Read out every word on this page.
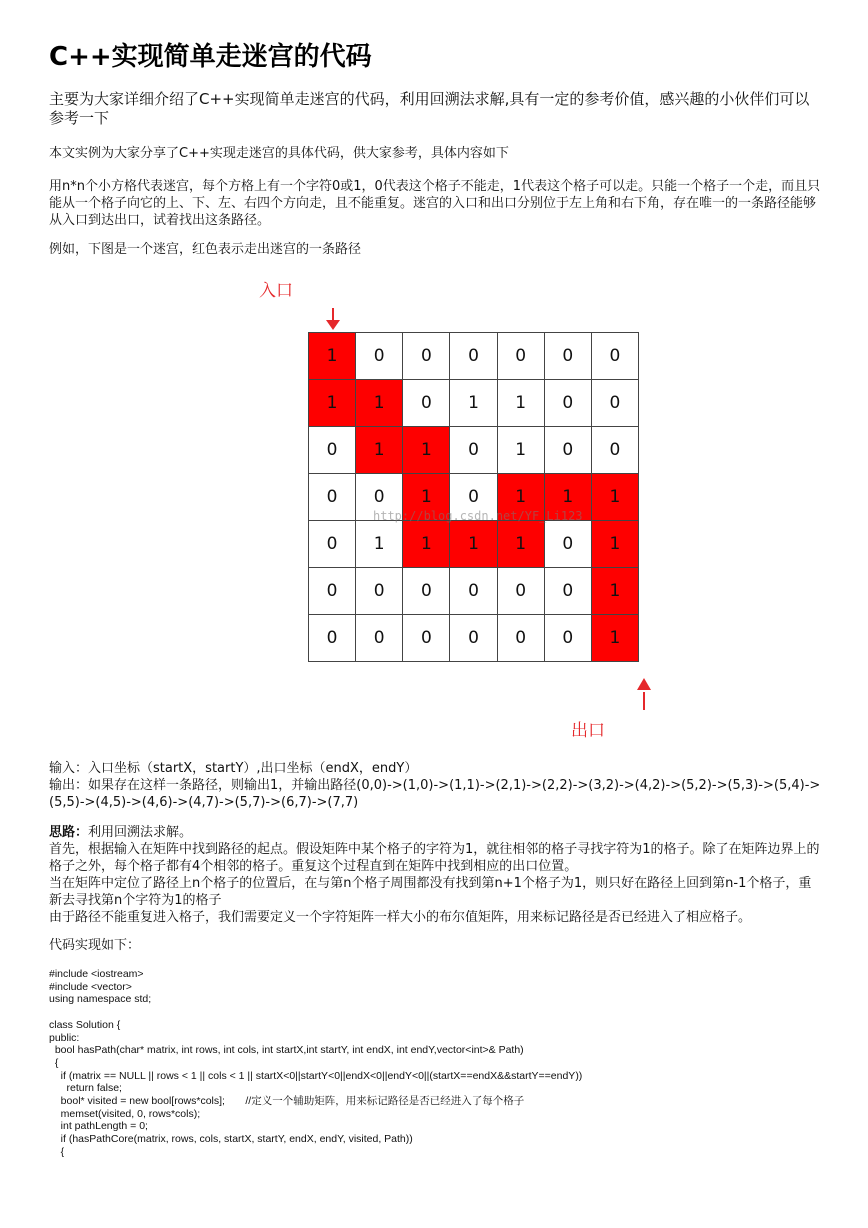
C++实现简单走迷宫的代码

主要为大家详细介绍了C++实现简单走迷宫的代码，利用回溯法求解,具有一定的参考价值，感兴趣的小伙伴们可以参考一下

本文实例为大家分享了C++实现走迷宫的具体代码，供大家参考，具体内容如下

用n*n个小方格代表迷宫，每个方格上有一个字符0或1，0代表这个格子不能走，1代表这个格子可以走。只能一个格子一个走，而且只能从一个格子向它的上、下、左、右四个方向走，且不能重复。迷宫的入口和出口分别位于左上角和右下角，存在唯一的一条路径能够从入口到达出口，试着找出这条路径。

例如，下图是一个迷宫，红色表示走出迷宫的一条路径

入口
1	0	0	0	0	0	0
1	1	0	1	1	0	0
0	1	1	0	1	0	0
0	0	1	0	1	1	1
0	1	1	1	1	0	1
0	0	0	0	0	0	1
0	0	0	0	0	0	1
http://blog.csdn.net/YF_Li123
出口
输入：入口坐标（startX，startY）,出口坐标（endX，endY）
输出：如果存在这样一条路径，则输出1，并输出路径(0,0)->(1,0)->(1,1)->(2,1)->(2,2)->(3,2)->(4,2)->(5,2)->(5,3)->(5,4)->(5,5)->(4,5)->(4,6)->(4,7)->(5,7)->(6,7)->(7,7)
思路：利用回溯法求解。
首先，根据输入在矩阵中找到路径的起点。假设矩阵中某个格子的字符为1，就往相邻的格子寻找字符为1的格子。除了在矩阵边界上的格子之外，每个格子都有4个相邻的格子。重复这个过程直到在矩阵中找到相应的出口位置。
当在矩阵中定位了路径上n个格子的位置后，在与第n个格子周围都没有找到第n+1个格子为1，则只好在路径上回到第n-1个格子，重新去寻找第n个字符为1的格子
由于路径不能重复进入格子，我们需要定义一个字符矩阵一样大小的布尔值矩阵，用来标记路径是否已经进入了相应格子。

代码实现如下：

#include <iostream>
#include <vector>
using namespace std;

class Solution {
public:
bool hasPath(char* matrix, int rows, int cols, int startX,int startY, int endX, int endY,vector<int>& Path)
{
if (matrix == NULL || rows < 1 || cols < 1 || startX<0||startY<0||endX<0||endY<0||(startX==endX&&startY==endY))
return false;
bool* visited = new bool[rows*cols];       //定义一个辅助矩阵，用来标记路径是否已经进入了每个格子
memset(visited, 0, rows*cols);
int pathLength = 0;
if (hasPathCore(matrix, rows, cols, startX, startY, endX, endY, visited, Path))
{
